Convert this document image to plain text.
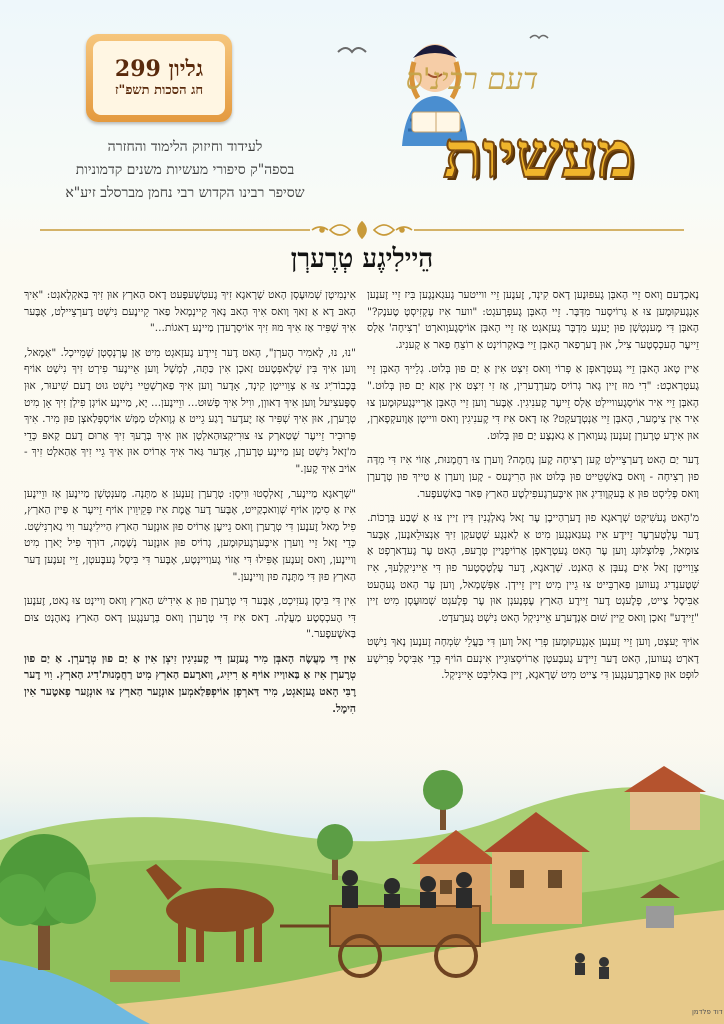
גליון 299
חג הסכות תשפ"ז	דעם רבינ'ס
מעשיות
לעידוד וחיזוק הלימוד והחזרה
בספה"ק סיפורי מעשיות משנים קדמוניות
שסיפר רבינו הקדוש רבי נחמן מברסלב זיע"א
הֵיילִיגֶע טְרֶערְן

נָאכְדֶעם וָואס זֵיי הָאבְּן גֶעפוּנֶען דָאס קִינְד, זֶענֶען זֵיי ווייטער גֶעגַאנְגֶען בִּיז זֵיי זֶענֶען אָנְגֶעקוּמֶען צוּ אַ גְרוֹיסֶער מִדְּבָּר. זֵיי הָאבְּן גֶעפְרֶעגְט: "ווער אִיז עֶקְזִיסְטְ טֶענֶק?" הָאבְּן דִּי מֶענְטְשְׁן פוּן יֶענֶע מִדְבָּר גֶעזָאגְט אַז זֵיי הָאבְּן אוֹיסְגֶעוָוארְט 'רְצִיחָה' אַלְס זֵייעֶר הֶעכְסְטֶער צִיל, אוּן דֶערְפַאר הָאבְּן זֵיי בַּאקְרוֹינְט אַ רוֹצֵחַ פַאר אַ קֶענִיג.

אַיין טָאג הָאבְּן זֵיי גֶעטְרָאפְן אַ פְּרוֹי וָואס זִיצְט אִין אַ יַם פוּן בְּלוּט. גְלֵייךְ הָאבְּן זֵיי גֶעטְרַאכְט: "דִי מוּז זַיין גָאר גְרוֹיס מֶערְדֶערִין, אַז זִי זִיצְט אִין אַזַא יַם פוּן בְּלוּט." הָאבְּן זֵיי אִיר אוֹיסְגֶעוויילְט אַלְס זֵייעֶר קֶענִיגִין. אָבֶּער וָוען זֵיי הָאבְּן אַרַיינְגֶעקוּמֶען צוּ אִיר אִין צִימֶער, הָאבְּן זֵיי אַנְטְדֶעקְט? אַז דָאס אִיז דִּי קֶענִיגִין וָואס ווייטָן אַוֶועקְפָארְן, אוּן אִירֶע טְרֶערְן זֶענֶען גֶעוָוארְן אַ גַאנְצֶע יַם פוּן בְּלוּט.

דֶער יַם הָאט דֶערְצֵיילְט קֶען רְצִיחָה קֶען נָחַמְה? וָוערְן צוּ רַחֲמָנוּת, אַזוֹי אִיז דִּי מִדָּה פוּן רְצִיחָה - וָואס בַּאשְׁטֵייט פוּן בְּלוּט אוּן הַרִיגֶעס - קֶען וָוערְן אַ טַייךְ פוּן טְרֶערְן וָואס פְלִיסְט פוּן אַ בָּעקְוֶודִיגְ אוּן אִיבֶּערְגֶעפִילְטֶע הַארְץ פַּאר בַּאשֶׁעפֶער.

מ'הָאט גֶעשִׁיקְט שְׁרָאגֶא פוּן דֶערְהַייבֶן עֶר זָאל גָאלְגָנִין דִּין זַיין צוּ אַ שֶׁבַע בְּרָכוֹת. דֶער עֶלְטֶערְעֶר זֵיידֶע אִיז גֶעגַאנְגֶען מִיט אַ לַאנְגֶע שְׁטֶעקְן זִיךְ אַנְצוּלֵאנֶען, אָבֶּער צוּמָאל, פְּלוּצְלוּנְג וָוען עֶר הָאט גֶעטְרָאפְן אַרוֹיפְגַיין טְרֶעפּ, הָאט עֶר גֶעדַארְפְט אַ צְוֵוייטְן זָאל אִים גֶעבְּן אַ הַאנְט. שְׁרָאגֶא, דֶער עֶלְטֶסְטֶער פוּן דִּי אֵיינִיקְלֶעךְ, אִיז שְׁטֶענְדִיג גֶעווען פַארְבֵּייט צוּ גֵיין מִיט זַיין זֵיידְן. אַפְּשְׁמָאל, וָוען עֶר הָאט גֶעהֶעט אַבִּיסֶל צַייט, פְלֶעגְט דֶער זֵיידֶע הַארְץ עֶפְנֶענְן אוּן עֶר פְלֶעגְט שְׁמוּעֶסְן מִיט זַיין "זֵיידֶע" זַאכְן וָואס קֵיין שׁוּם אַנְדֶערֶע אֵיינִיקְל הָאט נִישְׁט גֶערֶעדְט.

אוֹיךְ יֶעצְט, וָוען זֵיי זֶענֶען אָנְגֶעקוּמֶען פְרִי זָאל וָוען דִּי בַּעֲלֵי שִׂמְחָה זֶענֶען נָאךְ נִישְׁט דָארְט גֶעווען, הָאט דֶער זֵיידֶע גֶעבֶּעטְן אַרוֹיסְצוּגֵיין אִינְעם הוֹיף כְּדֵי אַבִּיסֶל פְרִישְׁע לוּפְט אוּן פַארְבְּרֶענְגֶען דִּי צַייט מִיט שְׁרָאגֶא, זַיין בַּאלִיבְּט אֵיינִיקְל.

אִינְמִיטְן שְׁמוּעֶסְן הָאט שְׁרָאגֶא זִיךְ גֶעטְשֶׁעפֶּעט דָאס הַארְץ אוּן זִיךְ בַּאקְלָאגְט: "אִיךְ הָאבּ דָא אַ זַאךְ וָואס אִיךְ הָאבּ נָאךְ קֵיינְמָאל פַאר קֵיינֶעם נִישְׁט דֶערְצֵיילְט, אָבֶּער אִיךְ שְׁפִּיר אַז אִיךְ מוּז זִיךְ אוֹיסְרֶעדְן מַיינֶע דַאגוֹת..."

"נוּ, נוּ, לָאמִיר הֶערְן", הָאט דֶער זֵיידֶע גֶעזָאגְט מִיט אַן עֶרְנְסְטְן שְׁמֵייכְל. "אַמָאל, וָוען אִיךְ בִּין שְׁלָאפְטֶעט זַאכְן אִין כַּתָּה, לְמָשָׁל וָוען אֵיינֶער פִירְט זִיךְ נִישְׁט אוֹיף בְּכָבוֹד'ִיג צוּ אַ צְוֵוייטְן קִינְד, אָדֶער וָוען אִיךְ פַארְשְׁטֵיי נִישְׁט גוּט דֶעם שִׁיעוּר, אוּן סְפֶּעצִיעל וָוען אִיךְ דַאווְן, ווִיל אִיךְ פְשׁוּט... ווֵיינֶען... יָא, מַיינֶע אוֹיגְן פִילְן זִיךְ אָן מִיט טְרֶערְן, אוּן אִיךְ שְׁפִּיר אַז יֶעדֶער רֶגַע גֵייט אַ גְוֶואלְט מַמָּשׁ אוֹיסְפְּלַאצְן פוּן מִיר. אִיךְ פְּרוּבִיר זֵייעֶר שְׁטַארְק צוּ צוּרִיקְצוּהַאלְטְן אוּן אִיךְ בְּרֶעךְ זִיךְ אַרוּם דֶעם קָאפּ כְּדֵי מ'זָאל נִישְׁט זֶען מַיינֶע טְרֶערְן, אָדֶער גַּאר אִיךְ אַרוֹיס אוּן אִיךְ גֵיי זִיךְ אַהַאלְט זִיךְ - אוֹיב אִיךְ קֶען."

"שְׁרָאגֶא מַיינֶער, זָאלְסְטוּ ווִיסְן: טְרֶערְן זֶענֶען אַ מַתָּנָה. מֶענְטְשְׁן מַיינֶען אַז ווֵיינֶען אִיז אַ סִימָן אוֹיף שְׁוַואכְקַייט, אָבֶּער דֶער אֱמֶת אִיז פְּקֵיוֵוין אוֹיף זֵייעֶר אַ פַּיין הַארְץ, פִיל מָאל זֶענֶען דִּי טְרֶערְן וָואס גֵייעֶן אַרוֹיס פוּן אוּנְזֶער הַארְץ הַיילִיגֶער וִוי גַארְנִישְׁט. כְּדֵי זָאל זֵיי וָוערְן אִיבֶּערְגֶעקוּמֶען, גְרוֹיס פוּן אוּנְזֶער נְשָׁמָה, דוּרְךְ פִיל יָארְן מִיט וַויינֶען, וָואס זֶענֶען אָפִּילוּ דִּי אַזוֹי גֶעוַויינְטֶע, אָבֶּער דִּי בִּיסֶל גֶעבֶּעטְן, זֵיי זֶענֶען דֶער הַארְץ פוּן דִּי מַתָּנָה פוּן וַויינֶען."

אִין דִּי בִּיסְן גֶעזִיכְט, אָבֶּער דִּי טְרֶערְן פוּן אַ אִידִישׁ הַארְץ וָואס וַויינְט צוּ גָאט, זֶענֶען דִּי הֶעכְסְטֶע מַעֲלָה. דָאס אִיז דִּי טְרֶערְן וָואס בְּרֶענְגֶען דָאס הַארְץ נָאהֶנְט צוּם בַּאשֶׁעפֶער."

אִין דִּי מַעֲשֶׂה הָאבְּן מִיר גֶעזֶען דִּי קֶענִיגִין זִיצְן אִין אַ יַם פוּן טְרֶערְן. אַ יַם פוּן טְרֶערְן אִיז אַ בַּאווַייז אוֹיף אַ רִיזִיג, וַוארֶעם הַארְץ מִיט רַחֲמָנוּת'דִיג הַארְץ. וִוי דֶער רֶבִּי הָאט גֶעזָאגְט, מִיר דַּארְפְן אוֹיפְפִּלַאמְען אוּנְזֶער הַארְץ צוּ אוּנְזֶער פָאטֶער אִין הִימֶל.

דוד פלדמן
